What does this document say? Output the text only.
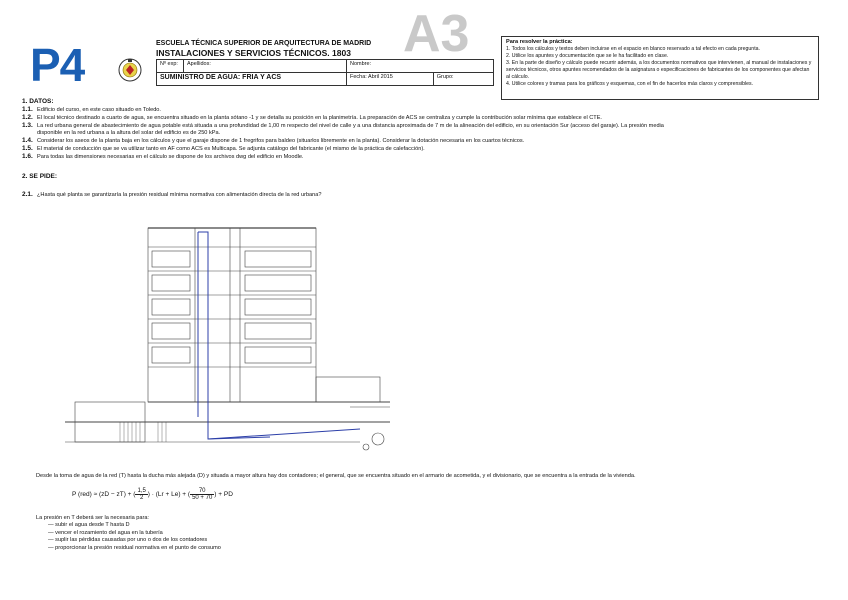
P4	ESCUELA TÉCNICA SUPERIOR DE ARQUITECTURA DE MADRID
INSTALACIONES Y SERVICIOS TÉCNICOS. 1803
Nº exp:	Apellidos:	Nombre:	
SUMINISTRO DE AGUA: FRIA Y ACS		Fecha: Abril 2015	Grupo:
A3	Para resolver la práctica:
1. Todos los cálculos y textos deben incluirse en el espacio en blanco reservado a tal efecto en cada pregunta.
2. Utilice los apuntes y documentación que se le ha facilitado en clase.
3. En la parte de diseño y cálculo puede recurrir además, a los documentos normativos que intervienen, al manual de instalaciones y servicios técnicos, otros apuntes recomendados de la asignatura o especificaciones de fabricantes de los componentes que afectan al cálculo.
4. Utilice colores y tramas para los gráficos y esquemas, con el fin de hacerlos más claros y comprensibles.
1. DATOS:
1.1. Edificio del curso, en este caso situado en Toledo.
1.2. El local técnico destinado a cuarto de agua, se encuentra situado en la planta sótano -1 y se detalla su posición en la planimetría. La preparación de ACS se centraliza y cumple la contribución solar mínima que establece el CTE.
1.3. La red urbana general de abastecimiento de agua potable está situada a una profundidad de 1,00 m respecto del nivel de calle y a una distancia aproximada de 7 m de la alineación del edificio, en su orientación Sur (acceso del garaje). La presión media
disponible en la red urbana a la altura del solar del edificio es de 250 kPa.
1.4. Considerar los aseos de la planta baja en los cálculos y que el garaje dispone de 1 fregrifos para baldeo (situarlos libremente en la planta). Considerar la dotación necesaria en los cuartos técnicos.
1.5. El material de conducción que se va utilizar tanto en AF como ACS es Multicapa. Se adjunta catálogo del fabricante (el mismo de la práctica de calefacción).
1.6. Para todas las dimensiones necesarias en el cálculo se dispone de los archivos dwg del edificio en Moodle.
2. SE PIDE:
2.1. ¿Hasta qué planta se garantizaría la presión residual mínima normativa con alimentación directa de la red urbana?
Desde la toma de agua de la red (T) hasta la ducha más alejada (D) y situada a mayor altura hay dos contadores; el general, que se encuentra situado en el armario de acometida, y el divisionario, que se encuentra a la entrada de la vivienda.
P (red) ≈ (zD − zT) + ( $\frac{1,5}{2}$ ) · (Lr + Le) + ( $\frac{70}{50 + 70}$ ) + PD
La presión en T deberá ser la necesaria para:
— subir el agua desde T hasta D
— vencer el rozamiento del agua en la tubería
— suplir las pérdidas causadas por uno o dos de los contadores
— proporcionar la presión residual normativa en el punto de consumo
